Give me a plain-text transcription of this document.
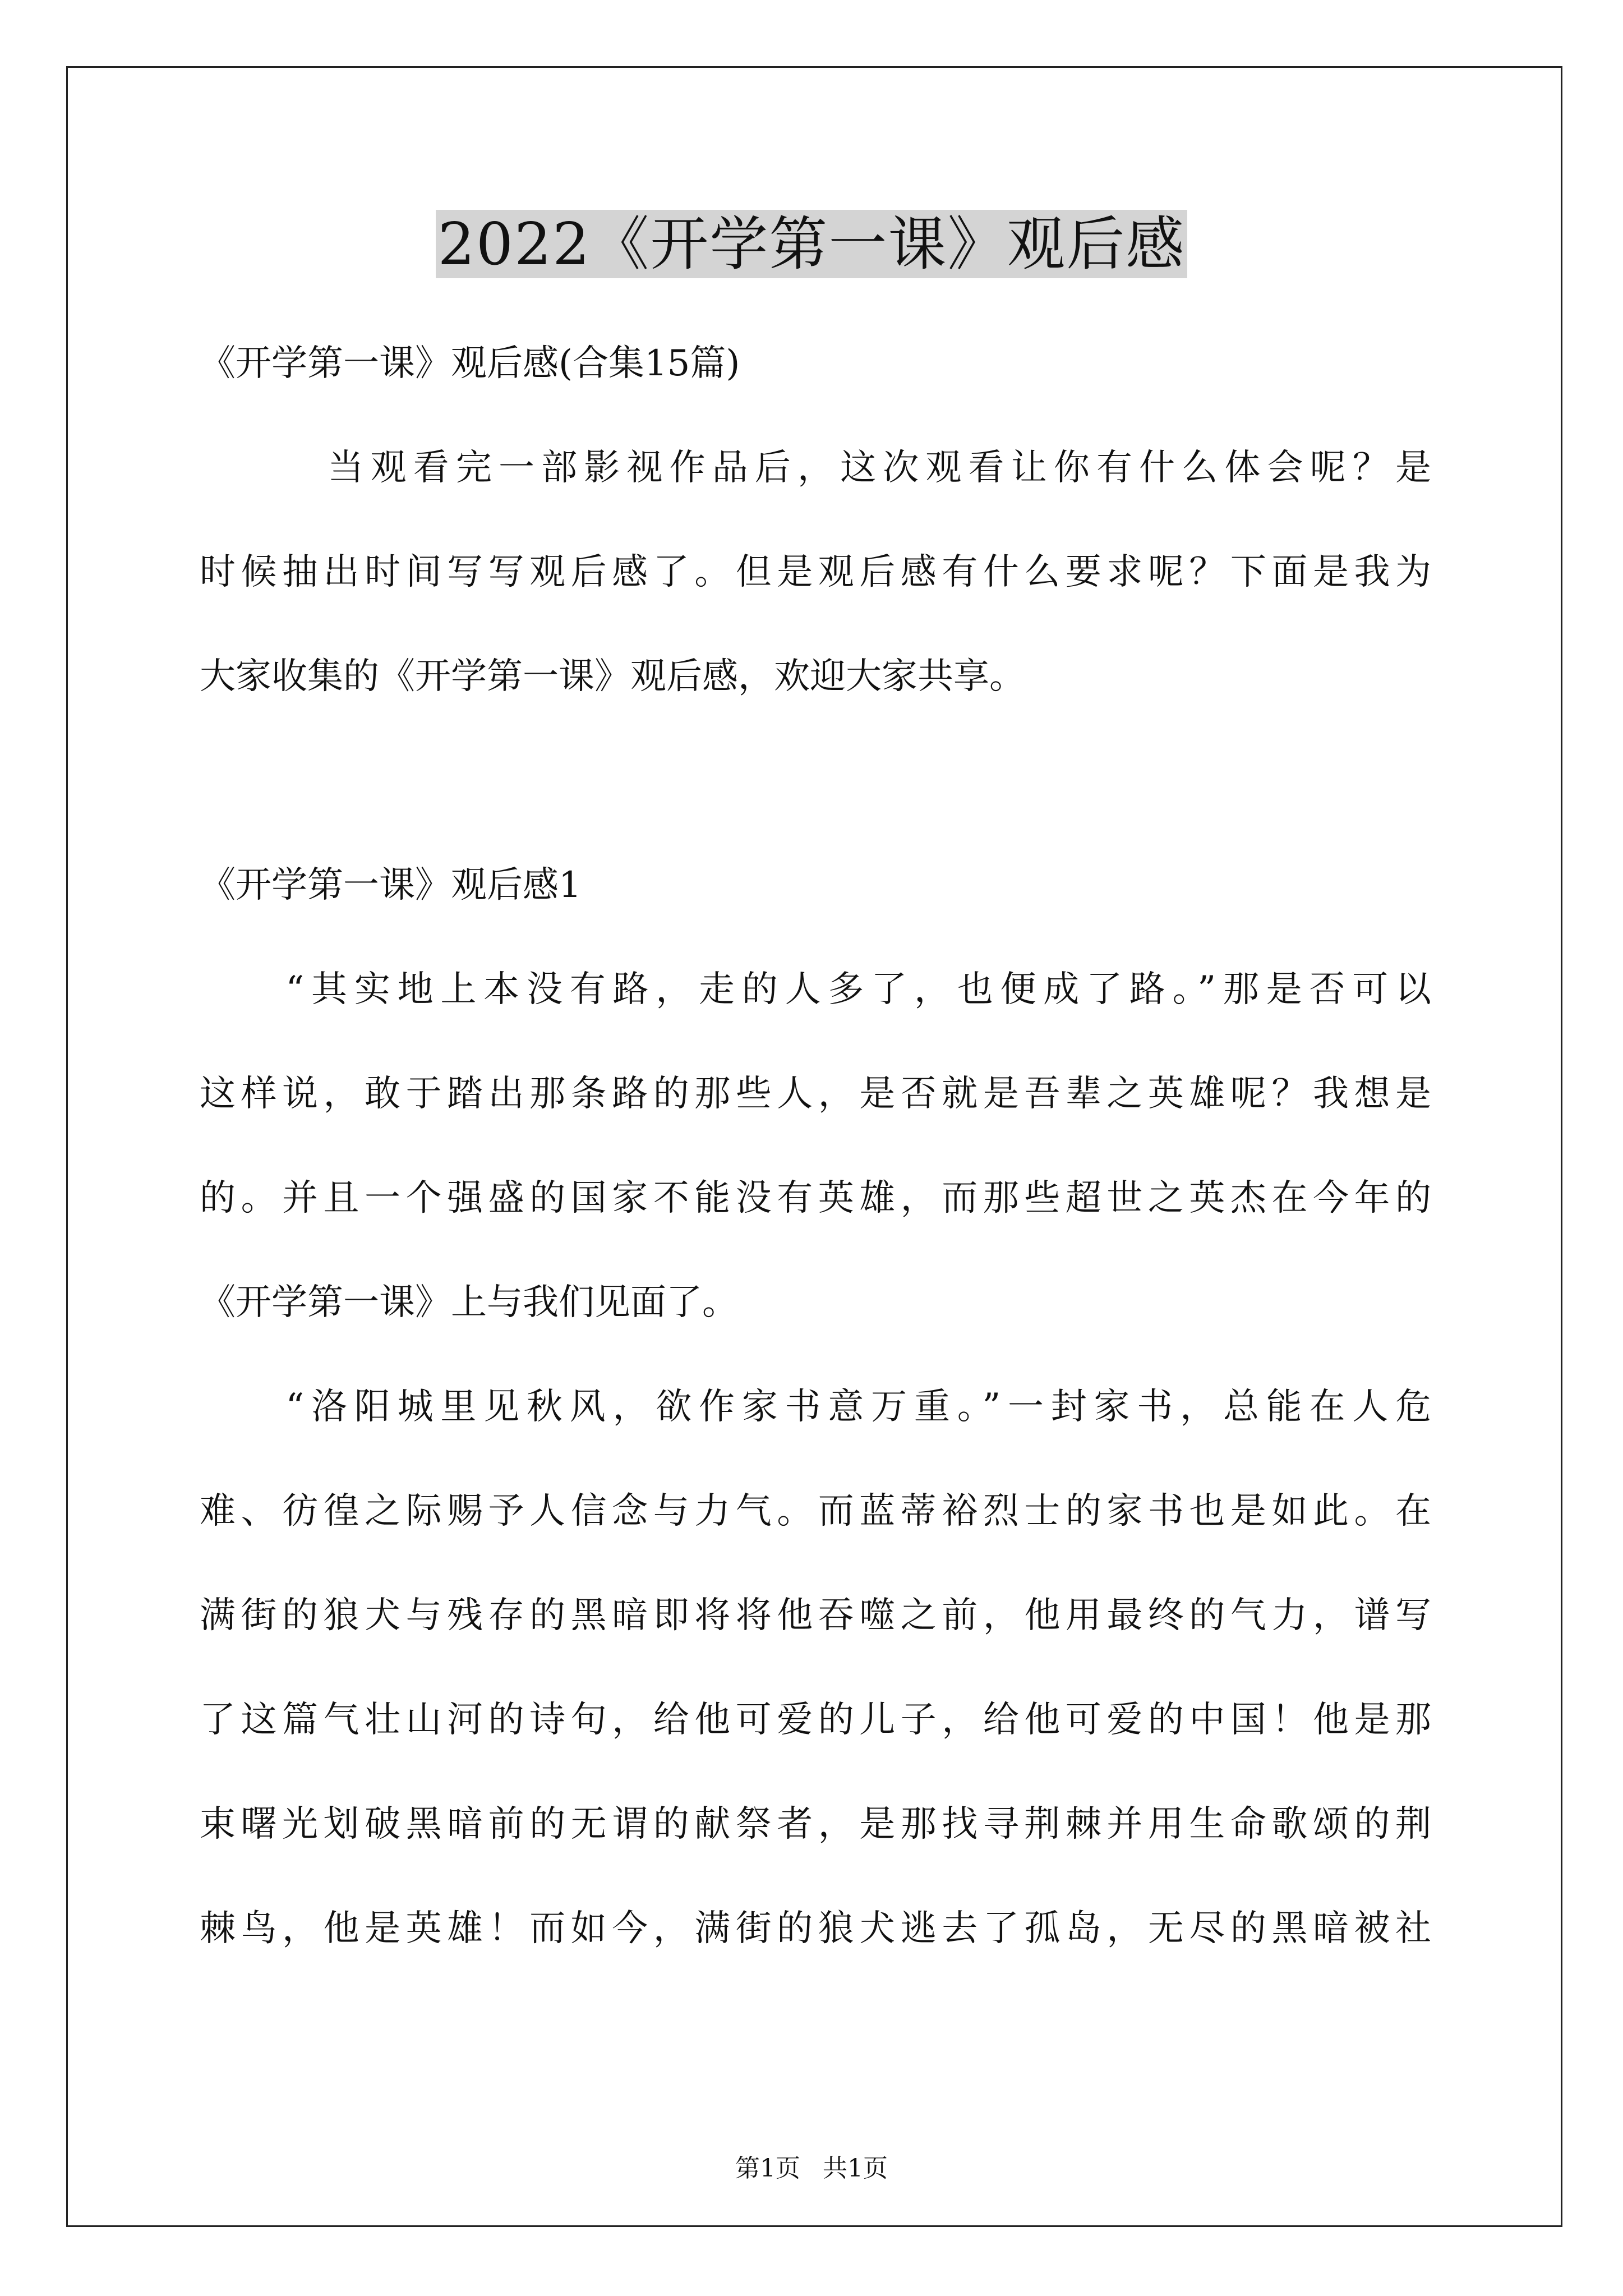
2022《开学第一课》观后感
《开学第一课》观后感(合集15篇)
　　　当观看完一部影视作品后，这次观看让你有什么体会呢？是
时候抽出时间写写观后感了。但是观后感有什么要求呢？下面是我为
大家收集的《开学第一课》观后感，欢迎大家共享。
《开学第一课》观后感1
　　“其实地上本没有路，走的人多了，也便成了路。”那是否可以
这样说，敢于踏出那条路的那些人，是否就是吾辈之英雄呢？我想是
的。并且一个强盛的国家不能没有英雄，而那些超世之英杰在今年的
《开学第一课》上与我们见面了。
　　“洛阳城里见秋风，欲作家书意万重。”一封家书，总能在人危
难、彷徨之际赐予人信念与力气。而蓝蒂裕烈士的家书也是如此。在
满街的狼犬与残存的黑暗即将将他吞噬之前，他用最终的气力，谱写
了这篇气壮山河的诗句，给他可爱的儿子，给他可爱的中国！他是那
束曙光划破黑暗前的无谓的献祭者，是那找寻荆棘并用生命歌颂的荆
棘鸟，他是英雄！而如今，满街的狼犬逃去了孤岛，无尽的黑暗被社
第1页 共1页
